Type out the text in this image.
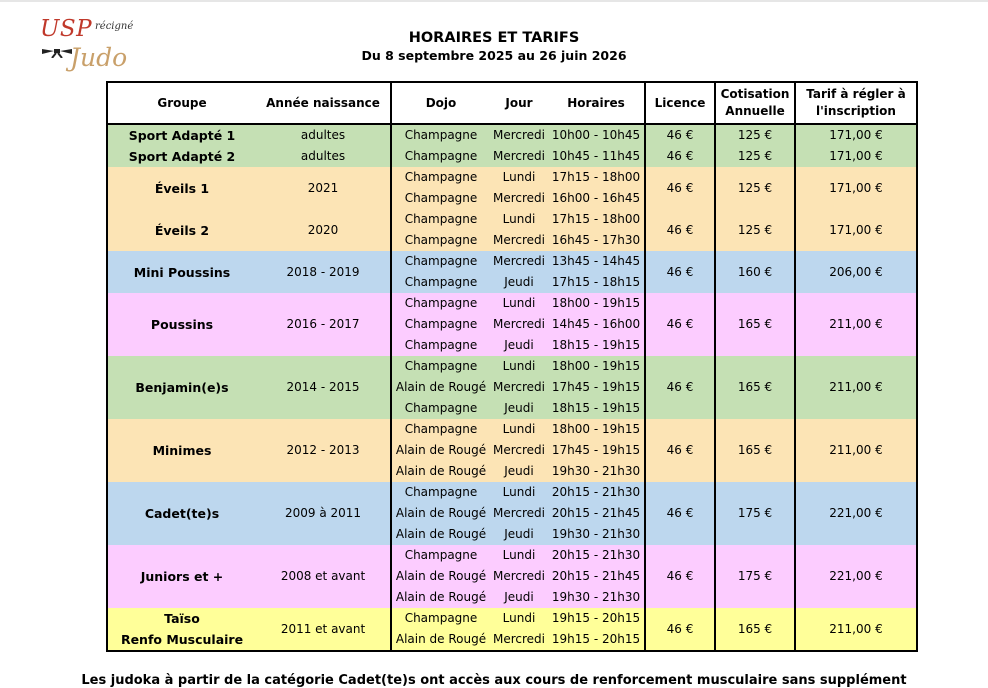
USP récigné
Judo
HORAIRES ET TARIFS
Du 8 septembre 2025 au 26 juin 2026
Groupe	Année naissance	Dojo	Jour	Horaires	Licence	Cotisation Annuelle	Tarif à régler à l'inscription
Sport Adapté 1	adultes	Champagne	Mercredi	10h00 - 10h45	46 €	125 €	171,00 €
Sport Adapté 2	adultes	Champagne	Mercredi	10h45 - 11h45	46 €	125 €	171,00 €
Éveils 1	2021	Champagne	Lundi	17h15 - 18h00	46 €	125 €	171,00 €
		Champagne	Mercredi	16h00 - 16h45			
Éveils 2	2020	Champagne	Lundi	17h15 - 18h00	46 €	125 €	171,00 €
		Champagne	Mercredi	16h45 - 17h30			
Mini Poussins	2018 - 2019	Champagne	Mercredi	13h45 - 14h45	46 €	160 €	206,00 €
		Champagne	Jeudi	17h15 - 18h15			
Poussins	2016 - 2017	Champagne	Lundi	18h00 - 19h15	46 €	165 €	211,00 €
		Champagne	Mercredi	14h45 - 16h00			
		Champagne	Jeudi	18h15 - 19h15			
Benjamin(e)s	2014 - 2015	Champagne	Lundi	18h00 - 19h15	46 €	165 €	211,00 €
		Alain de Rougé	Mercredi	17h45 - 19h15			
		Champagne	Jeudi	18h15 - 19h15			
Minimes	2012 - 2013	Champagne	Lundi	18h00 - 19h15	46 €	165 €	211,00 €
		Alain de Rougé	Mercredi	17h45 - 19h15			
		Alain de Rougé	Jeudi	19h30 - 21h30			
Cadet(te)s	2009 à 2011	Champagne	Lundi	20h15 - 21h30	46 €	175 €	221,00 €
		Alain de Rougé	Mercredi	20h15 - 21h45			
		Alain de Rougé	Jeudi	19h30 - 21h30			
Juniors et +	2008 et avant	Champagne	Lundi	20h15 - 21h30	46 €	175 €	221,00 €
		Alain de Rougé	Mercredi	20h15 - 21h45			
		Alain de Rougé	Jeudi	19h30 - 21h30			

Taïso
Renfo Musculaire	2011 et avant	Champagne	Lundi	19h15 - 20h15	46 €	165 €	211,00 €
		Alain de Rougé	Mercredi	19h15 - 20h15			
Les judoka à partir de la catégorie Cadet(te)s ont accès aux cours de renforcement musculaire sans supplément
